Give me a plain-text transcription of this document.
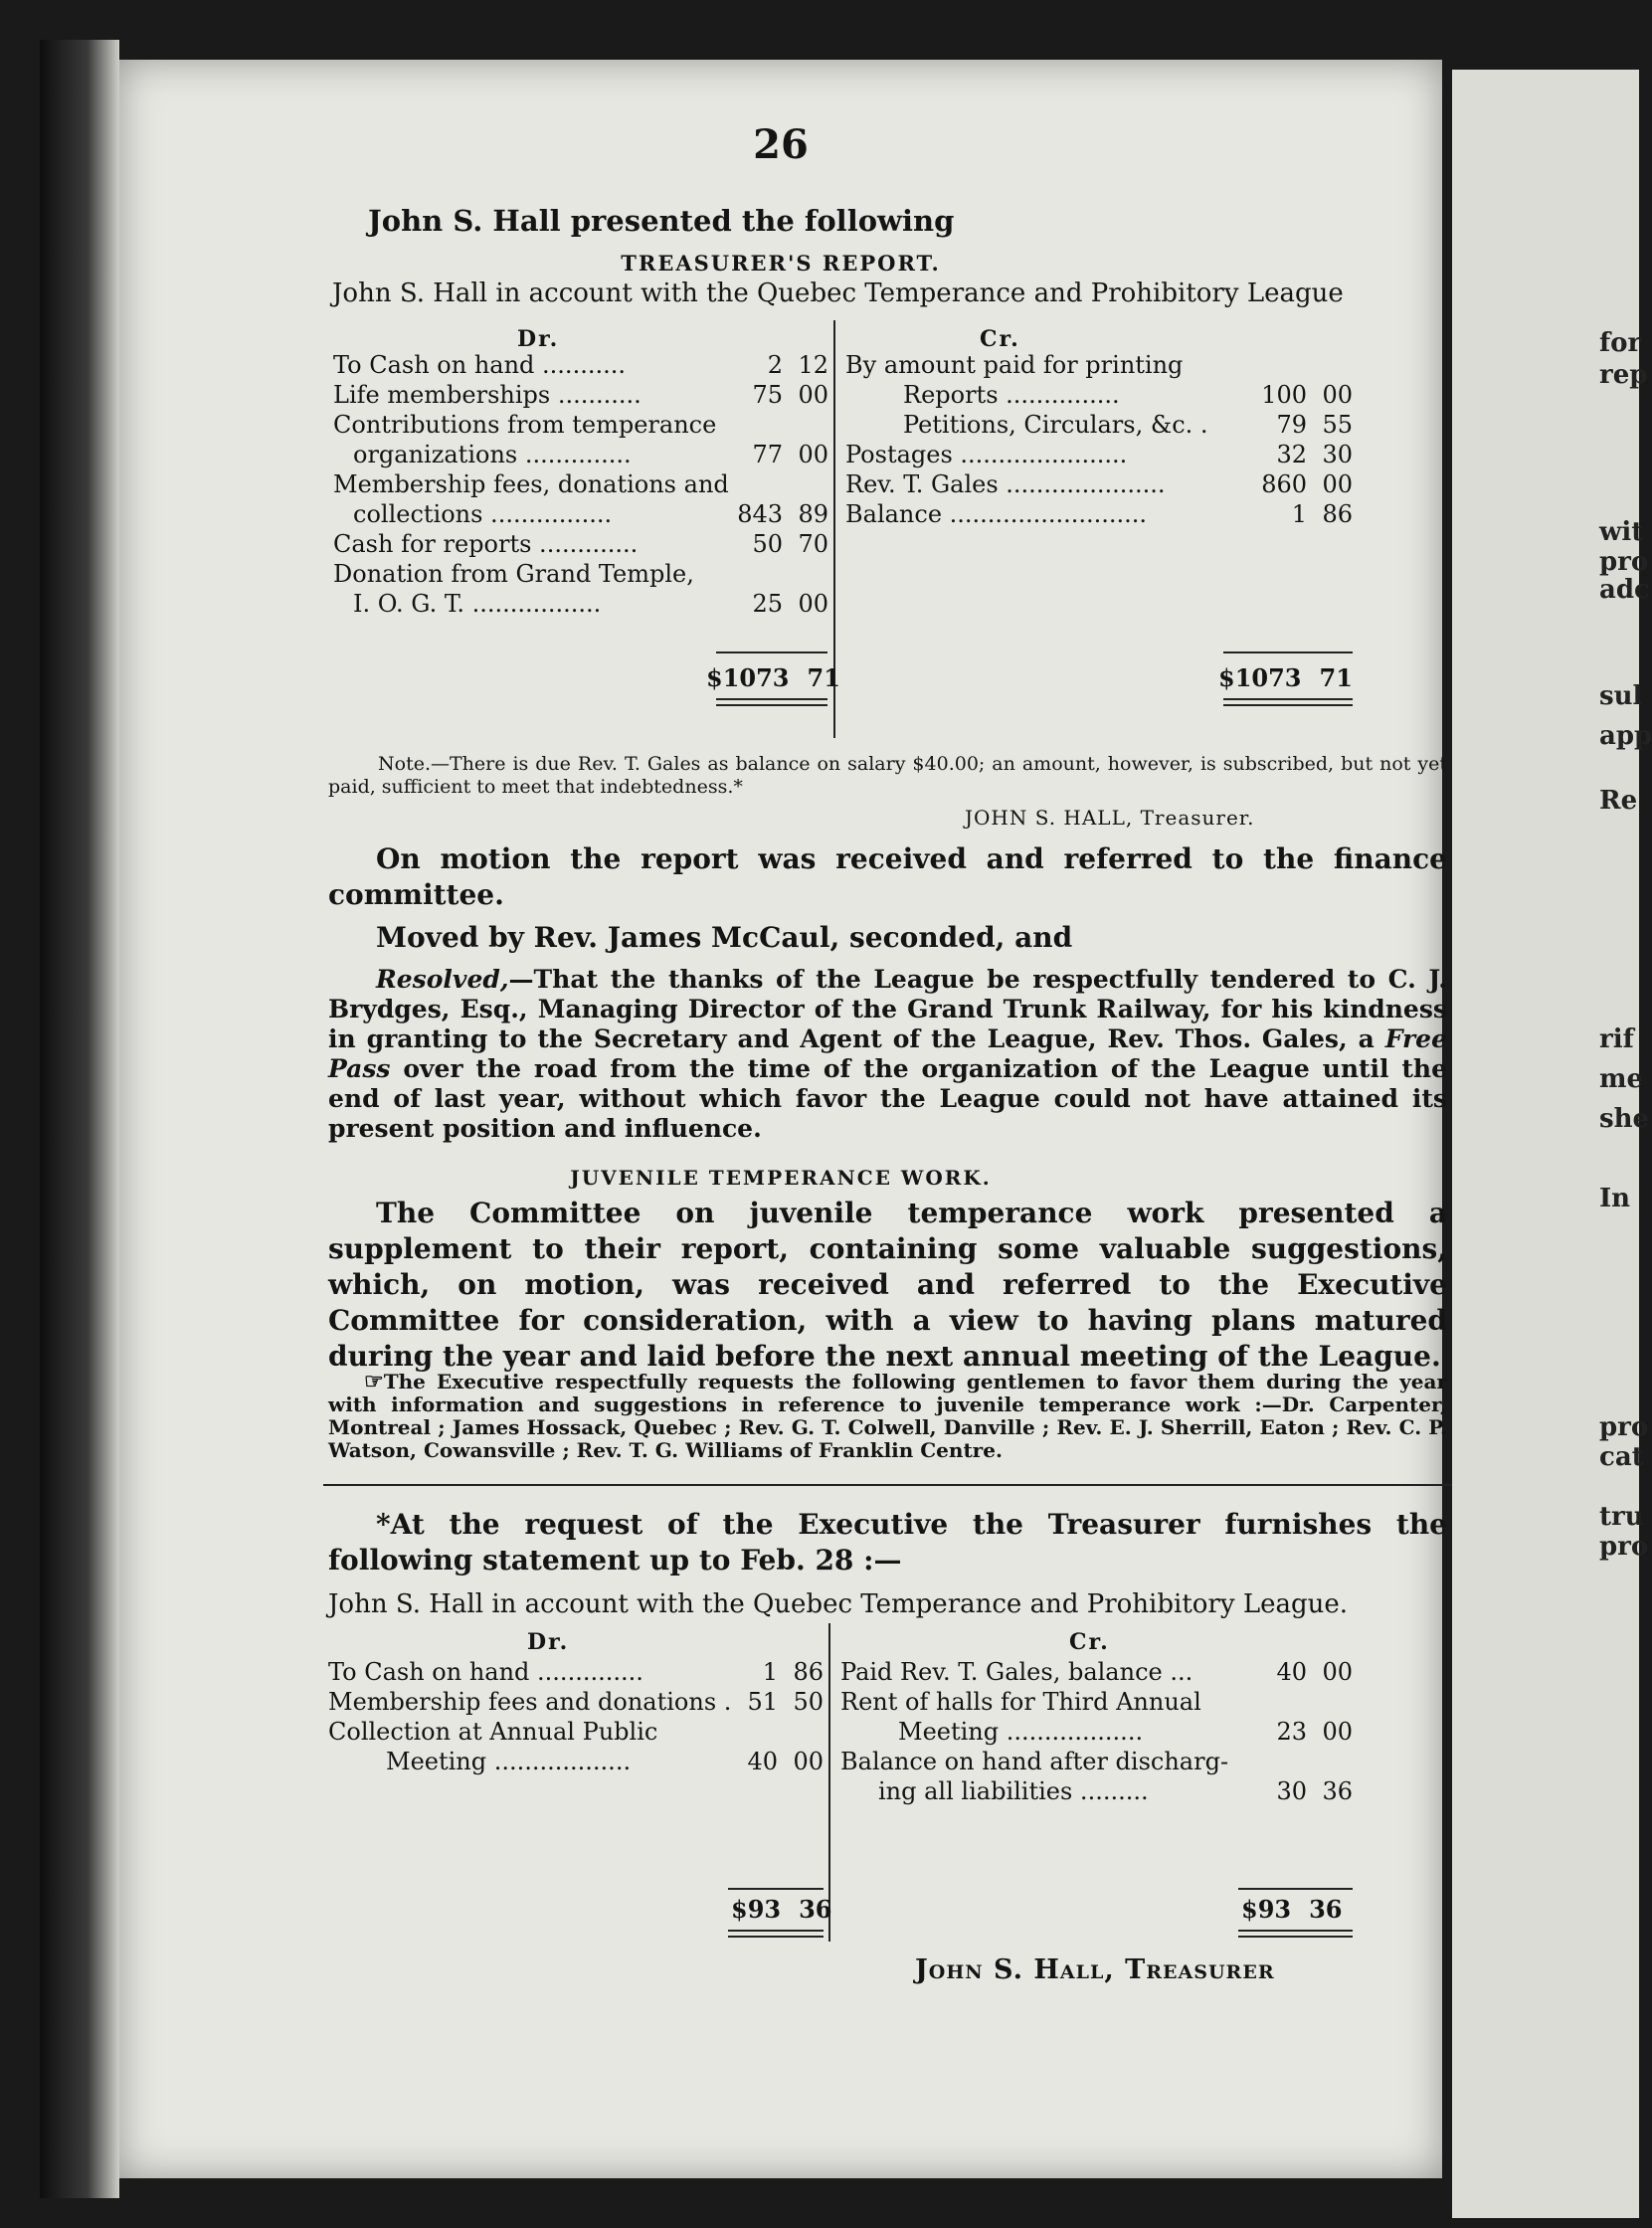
for
rep
wit
pro
adc
sul
app
Re
rif
me
she
In
pro
cat
tru
pro
26
John S. Hall presented the following
TREASURER'S REPORT.
John S. Hall in account with the Quebec Temperance and Prohibitory League
Dr.	Cr.
To Cash on hand ...........	2 12
Life memberships ...........	75 00
Contributions from temperance
organizations ..............	77 00
Membership fees, donations and
collections ................	843 89
Cash for reports .............	50 70
Donation from Grand Temple,
I. O. G. T. .................	25 00
By amount paid for printing
Reports ...............	100 00
Petitions, Circulars, &c. .	79 55
Postages ......................	32 30
Rev. T. Gales .....................	860 00
Balance ..........................	1 86
$1073 71	$1073 71
Note.—There is due Rev. T. Gales as balance on salary $40.00; an amount, however, is subscribed, but not yet paid, sufficient to meet that indebtedness.*
JOHN S. HALL, Treasurer.
On motion the report was received and referred to the finance committee.
Moved by Rev. James McCaul, seconded, and
Resolved,—That the thanks of the League be respectfully tendered to C. J. Brydges, Esq., Managing Director of the Grand Trunk Railway, for his kindness in granting to the Secretary and Agent of the League, Rev. Thos. Gales, a Free Pass over the road from the time of the organization of the League until the end of last year, without which favor the League could not have attained its present position and influence.
JUVENILE TEMPERANCE WORK.
The Committee on juvenile temperance work presented a supplement to their report, containing some valuable suggestions, which, on motion, was received and referred to the Executive Committee for consideration, with a view to having plans matured during the year and laid before the next annual meeting of the League.
☞The Executive respectfully requests the following gentlemen to favor them during the year with information and suggestions in reference to juvenile temperance work :—Dr. Carpenter, Montreal ; James Hossack, Quebec ; Rev. G. T. Colwell, Danville ; Rev. E. J. Sherrill, Eaton ; Rev. C. P. Watson, Cowansville ; Rev. T. G. Williams of Franklin Centre.
*At the request of the Executive the Treasurer furnishes the following statement up to Feb. 28 :—
John S. Hall in account with the Quebec Temperance and Prohibitory League.
Dr.	Cr.
To Cash on hand ..............	1 86
Membership fees and donations . 51 50
Collection at Annual Public
Meeting ..................	40 00
Paid Rev. T. Gales, balance ...	40 00
Rent of halls for Third Annual
Meeting ..................	23 00
Balance on hand after discharg-
ing all liabilities .........	30 36
$93 36	$93 36
John S. Hall, Treasurer
